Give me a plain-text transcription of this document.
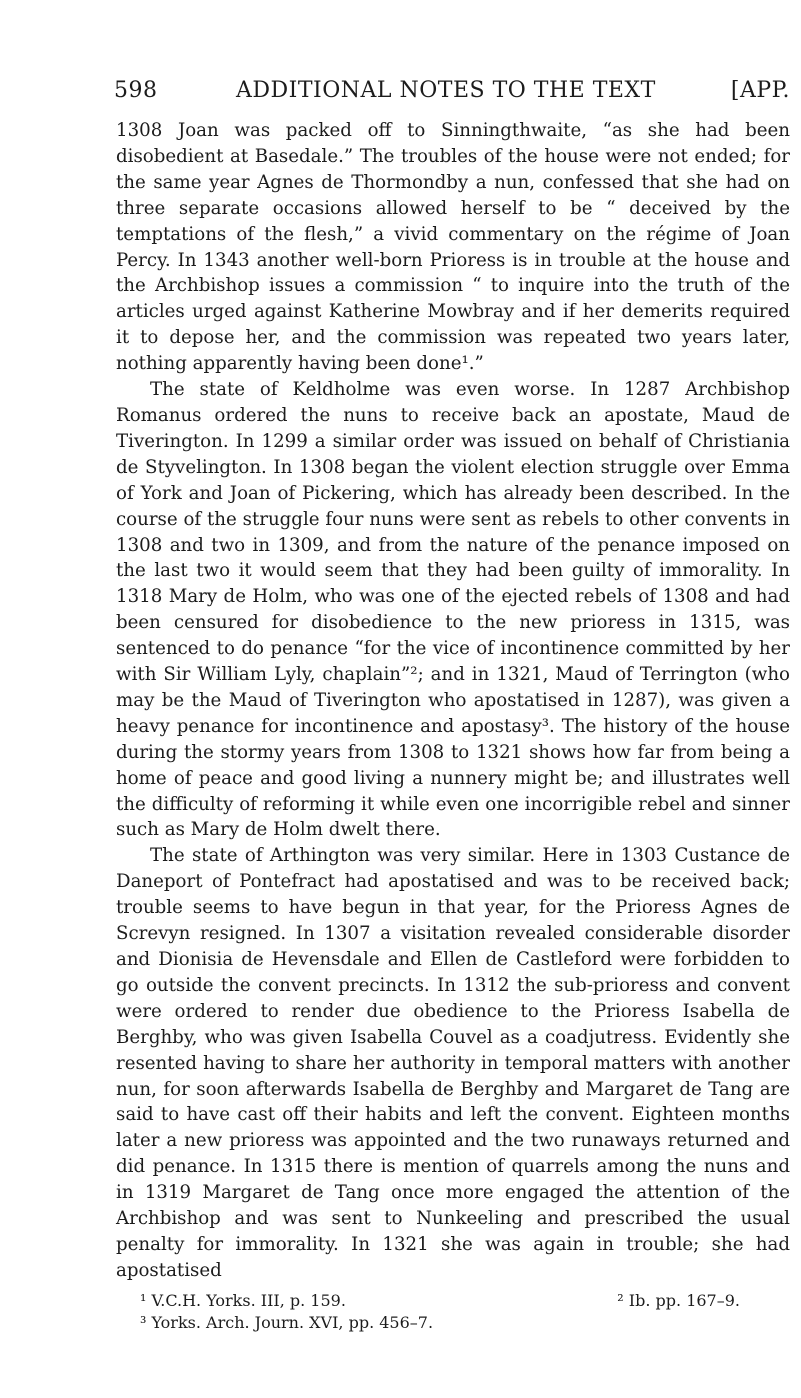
598	ADDITIONAL NOTES TO THE TEXT	[APP.

1308 Joan was packed off to Sinningthwaite, “as she had been disobedient at Basedale.” The troubles of the house were not ended; for the same year Agnes de Thormondby a nun, confessed that she had on three separate occasions allowed herself to be “ deceived by the temptations of the flesh,” a vivid commentary on the régime of Joan Percy. In 1343 another well-born Prioress is in trouble at the house and the Archbishop issues a commission “ to inquire into the truth of the articles urged against Katherine Mowbray and if her demerits required it to depose her, and the commission was repeated two years later, nothing apparently having been done¹.”

The state of Keldholme was even worse. In 1287 Archbishop Romanus ordered the nuns to receive back an apostate, Maud de Tiverington. In 1299 a similar order was issued on behalf of Christiania de Styvelington. In 1308 began the violent election struggle over Emma of York and Joan of Pickering, which has already been described. In the course of the struggle four nuns were sent as rebels to other convents in 1308 and two in 1309, and from the nature of the penance imposed on the last two it would seem that they had been guilty of immorality. In 1318 Mary de Holm, who was one of the ejected rebels of 1308 and had been censured for disobedience to the new prioress in 1315, was sentenced to do penance “for the vice of incontinence committed by her with Sir William Lyly, chaplain”²; and in 1321, Maud of Terrington (who may be the Maud of Tiverington who apostatised in 1287), was given a heavy penance for incontinence and apostasy³. The history of the house during the stormy years from 1308 to 1321 shows how far from being a home of peace and good living a nunnery might be; and illustrates well the difficulty of reforming it while even one incorrigible rebel and sinner such as Mary de Holm dwelt there.

The state of Arthington was very similar. Here in 1303 Custance de Daneport of Pontefract had apostatised and was to be received back; trouble seems to have begun in that year, for the Prioress Agnes de Screvyn resigned. In 1307 a visitation revealed considerable disorder and Dionisia de Hevensdale and Ellen de Castleford were forbidden to go outside the convent precincts. In 1312 the sub-prioress and convent were ordered to render due obedience to the Prioress Isabella de Berghby, who was given Isabella Couvel as a coadjutress. Evidently she resented having to share her authority in temporal matters with another nun, for soon afterwards Isabella de Berghby and Margaret de Tang are said to have cast off their habits and left the convent. Eighteen months later a new prioress was appointed and the two runaways returned and did penance. In 1315 there is mention of quarrels among the nuns and in 1319 Margaret de Tang once more engaged the attention of the Archbishop and was sent to Nunkeeling and prescribed the usual penalty for immorality. In 1321 she was again in trouble; she had apostatised

¹ V.C.H. Yorks. III, p. 159.	² Ib. pp. 167–9.
³ Yorks. Arch. Journ. XVI, pp. 456–7.
